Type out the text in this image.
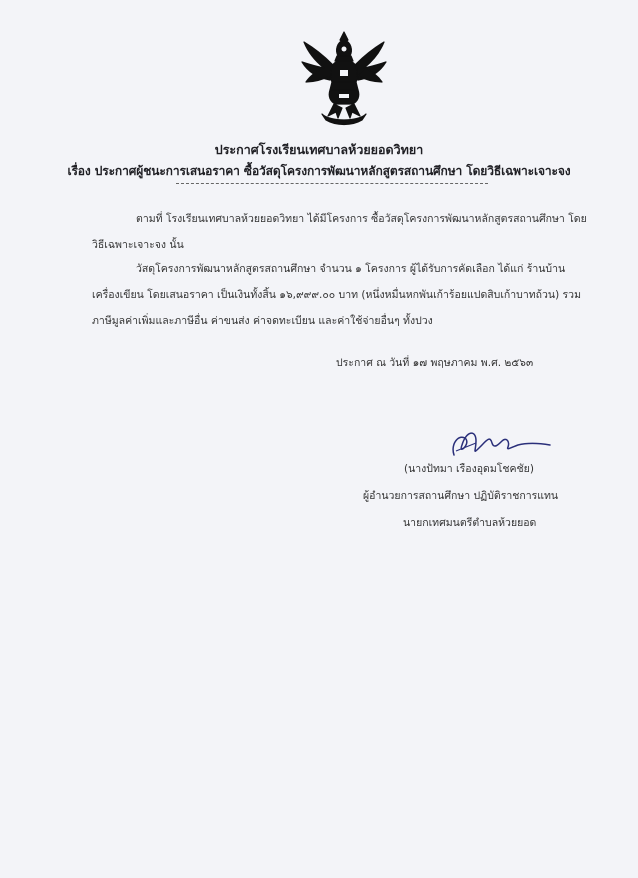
ประกาศโรงเรียนเทศบาลห้วยยอดวิทยา
เรื่อง ประกาศผู้ชนะการเสนอราคา ซื้อวัสดุโครงการพัฒนาหลักสูตรสถานศึกษา โดยวิธีเฉพาะเจาะจง
ตามที่ โรงเรียนเทศบาลห้วยยอดวิทยา ได้มีโครงการ ซื้อวัสดุโครงการพัฒนาหลักสูตรสถานศึกษา โดยวิธีเฉพาะเจาะจง นั้น
วัสดุโครงการพัฒนาหลักสูตรสถานศึกษา จำนวน ๑ โครงการ ผู้ได้รับการคัดเลือก ได้แก่ ร้านบ้านเครื่องเขียน โดยเสนอราคา เป็นเงินทั้งสิ้น ๑๖,๙๙๙.๐๐ บาท (หนึ่งหมื่นหกพันเก้าร้อยแปดสิบเก้าบาทถ้วน) รวมภาษีมูลค่าเพิ่มและภาษีอื่น ค่าขนส่ง ค่าจดทะเบียน และค่าใช้จ่ายอื่นๆ ทั้งปวง
ประกาศ ณ วันที่ ๑๗ พฤษภาคม พ.ศ. ๒๕๖๓
(นางปัทมา เรืองอุดมโชคชัย)
ผู้อำนวยการสถานศึกษา ปฏิบัติราชการแทน
นายกเทศมนตรีตำบลห้วยยอด
